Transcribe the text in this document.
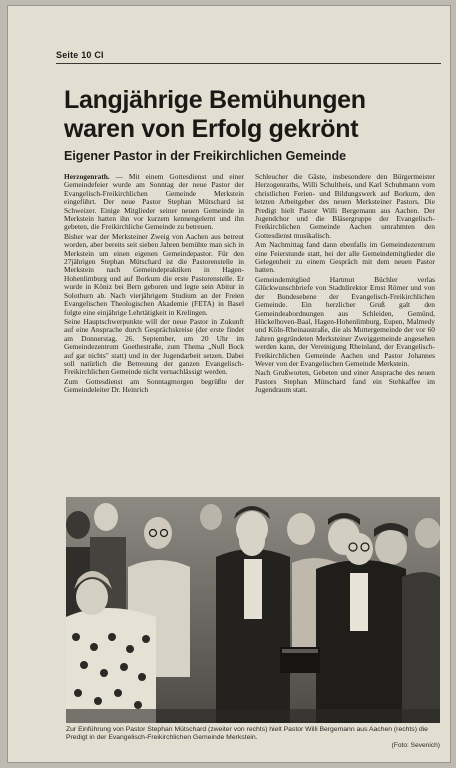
Seite 10 CI
Langjährige Bemühungen
waren von Erfolg gekrönt
Eigener Pastor in der Freikirchlichen Gemeinde

Herzogenrath. — Mit einem Gottesdienst und einer Gemeindefeier wurde am Sonntag der neue Pastor der Evangelisch-Freikirchlichen Gemeinde Merkstein eingeführt. Der neue Pastor Stephan Mütschard ist Schweizer. Einige Mitglieder seiner neuen Gemeinde in Merkstein hatten ihn vor kurzem kennengelernt und ihn gebeten, die Freikirchliche Gemeinde zu betreuen.

Bisher war der Merksteiner Zweig von Aachen aus betreut worden, aber bereits seit sieben Jahren bemühte man sich in Merkstein um einen eigenen Gemeindepastor. Für den 27jährigen Stephan Mütschard ist die Pastorenstelle in Merkstein nach Gemeindepraktiken in Hagen-Hohenlimburg und auf Borkum die erste Pastorenstelle. Er wurde in Köniz bei Bern geboren und legte sein Abitur in Solothurn ab. Nach vierjährigem Studium an der Freien Evangelischen Theologischen Akademie (FETA) in Basel folgte eine einjährige Lehrtätigkeit in Krelingen.

Seine Hauptschwerpunkte will der neue Pastor in Zukunft auf eine Ansprache durch Gesprächskreise (der erste findet am Donnerstag, 26. September, um 20 Uhr im Gemeindezentrum Goethestraße, zum Thema „Null Bock auf gar nichts" statt) und in der Jugendarbeit setzen. Dabei soll natürlich die Betreuung der ganzen Evangelisch-Freikirchlichen Gemeinde nicht vernachlässigt werden.

Zum Gottesdienst am Sonntagmorgen begrüßte der Gemeindeleiter Dr. Heinrich

Schleucher die Gäste, insbesondere den Bürgermeister Herzogenraths, Willi Schultheis, und Karl Schuhmann vom christlichen Ferien- und Bildungswerk auf Borkum, den letzten Arbeitgeber des neuen Merksteiner Pastors. Die Predigt hielt Pastor Willi Bergemann aus Aachen. Der Jugendchor und die Bläsergruppe der Evangelisch-Freikirchlichen Gemeinde Aachen umrahmten den Gottesdienst musikalisch.

Am Nachmittag fand dann ebenfalls im Gemeindezentrum eine Feierstunde statt, bei der alle Gemeindemitglieder die Gelegenheit zu einem Gespräch mit dem neuen Pastor hatten.

Gemeindemitglied Hartmut Büchler verlas Glückwunschbriefe von Stadtdirektor Ernst Römer und von der Bundesebene der Evangelisch-Freikirchlichen Gemeinde. Ein herzlicher Gruß galt den Gemeindeabordnungen aus Schleiden, Gemünd, Hückelhoven-Baal, Hagen-Hohenlimburg, Eupen, Malmedy und Köln-Rheinaustraße, die als Muttergemeinde der vor 60 Jahren gegründeten Merksteiner Zweiggemeinde angesehen werden kann, der Vereinigung Rheinland, der Evangelisch-Freikirchlichen Gemeinde Aachen und Pastor Johannes Wever von der Evangelischen Gemeinde Merkstein.

Nach Grußworten, Gebeten und einer Ansprache des neuen Pastors Stephan Mütschard fand ein Stehkaffee im Jugendraum statt.

Zur Einführung von Pastor Stephan Mütschard (zweiter von rechts) hielt Pastor Willi Bergemann aus Aachen (rechts) die Predigt in der Evangelisch-Freikirchlichen Gemeinde Merkstein.
(Foto: Sevenich)
